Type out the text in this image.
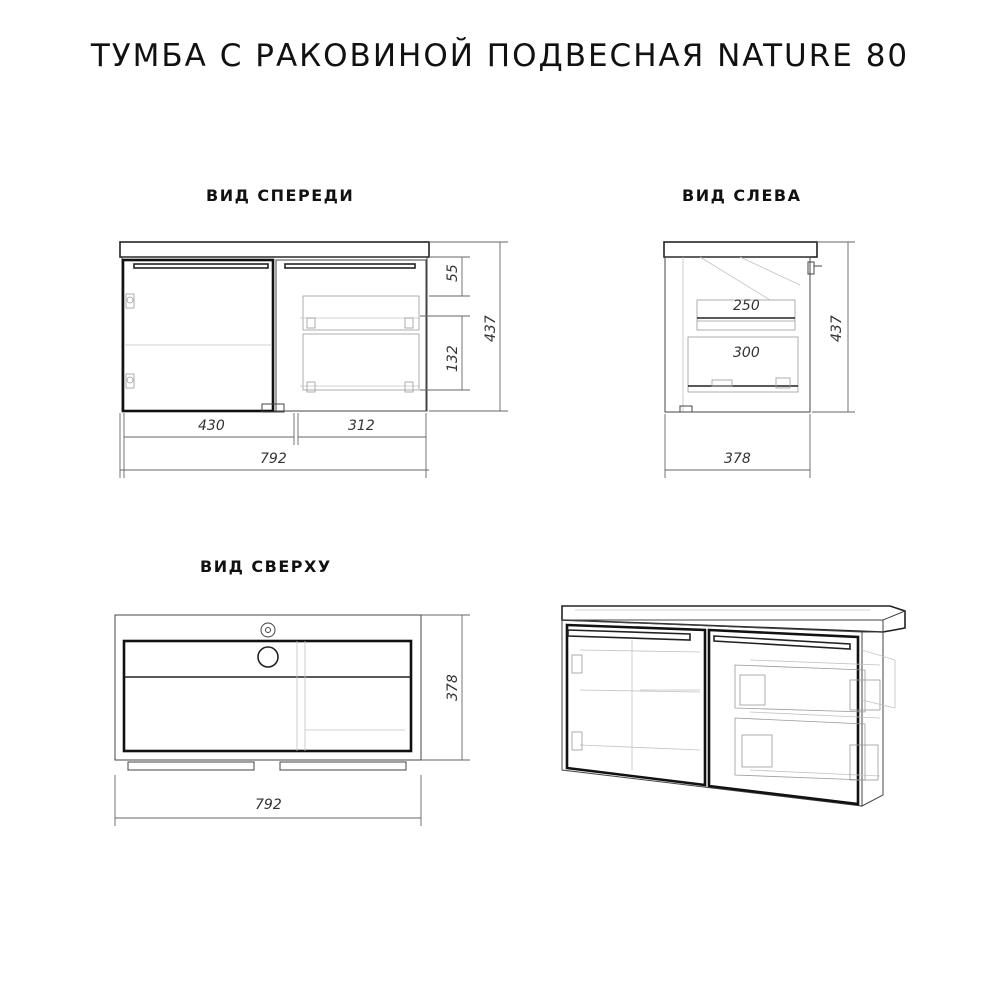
ТУМБА С РАКОВИНОЙ ПОДВЕСНАЯ NATURE 80
ВИД СПЕРЕДИ	ВИД СЛЕВА
ВИД СВЕРХУ
55
437
132
430	312
792
250
300
437
378
378
792
